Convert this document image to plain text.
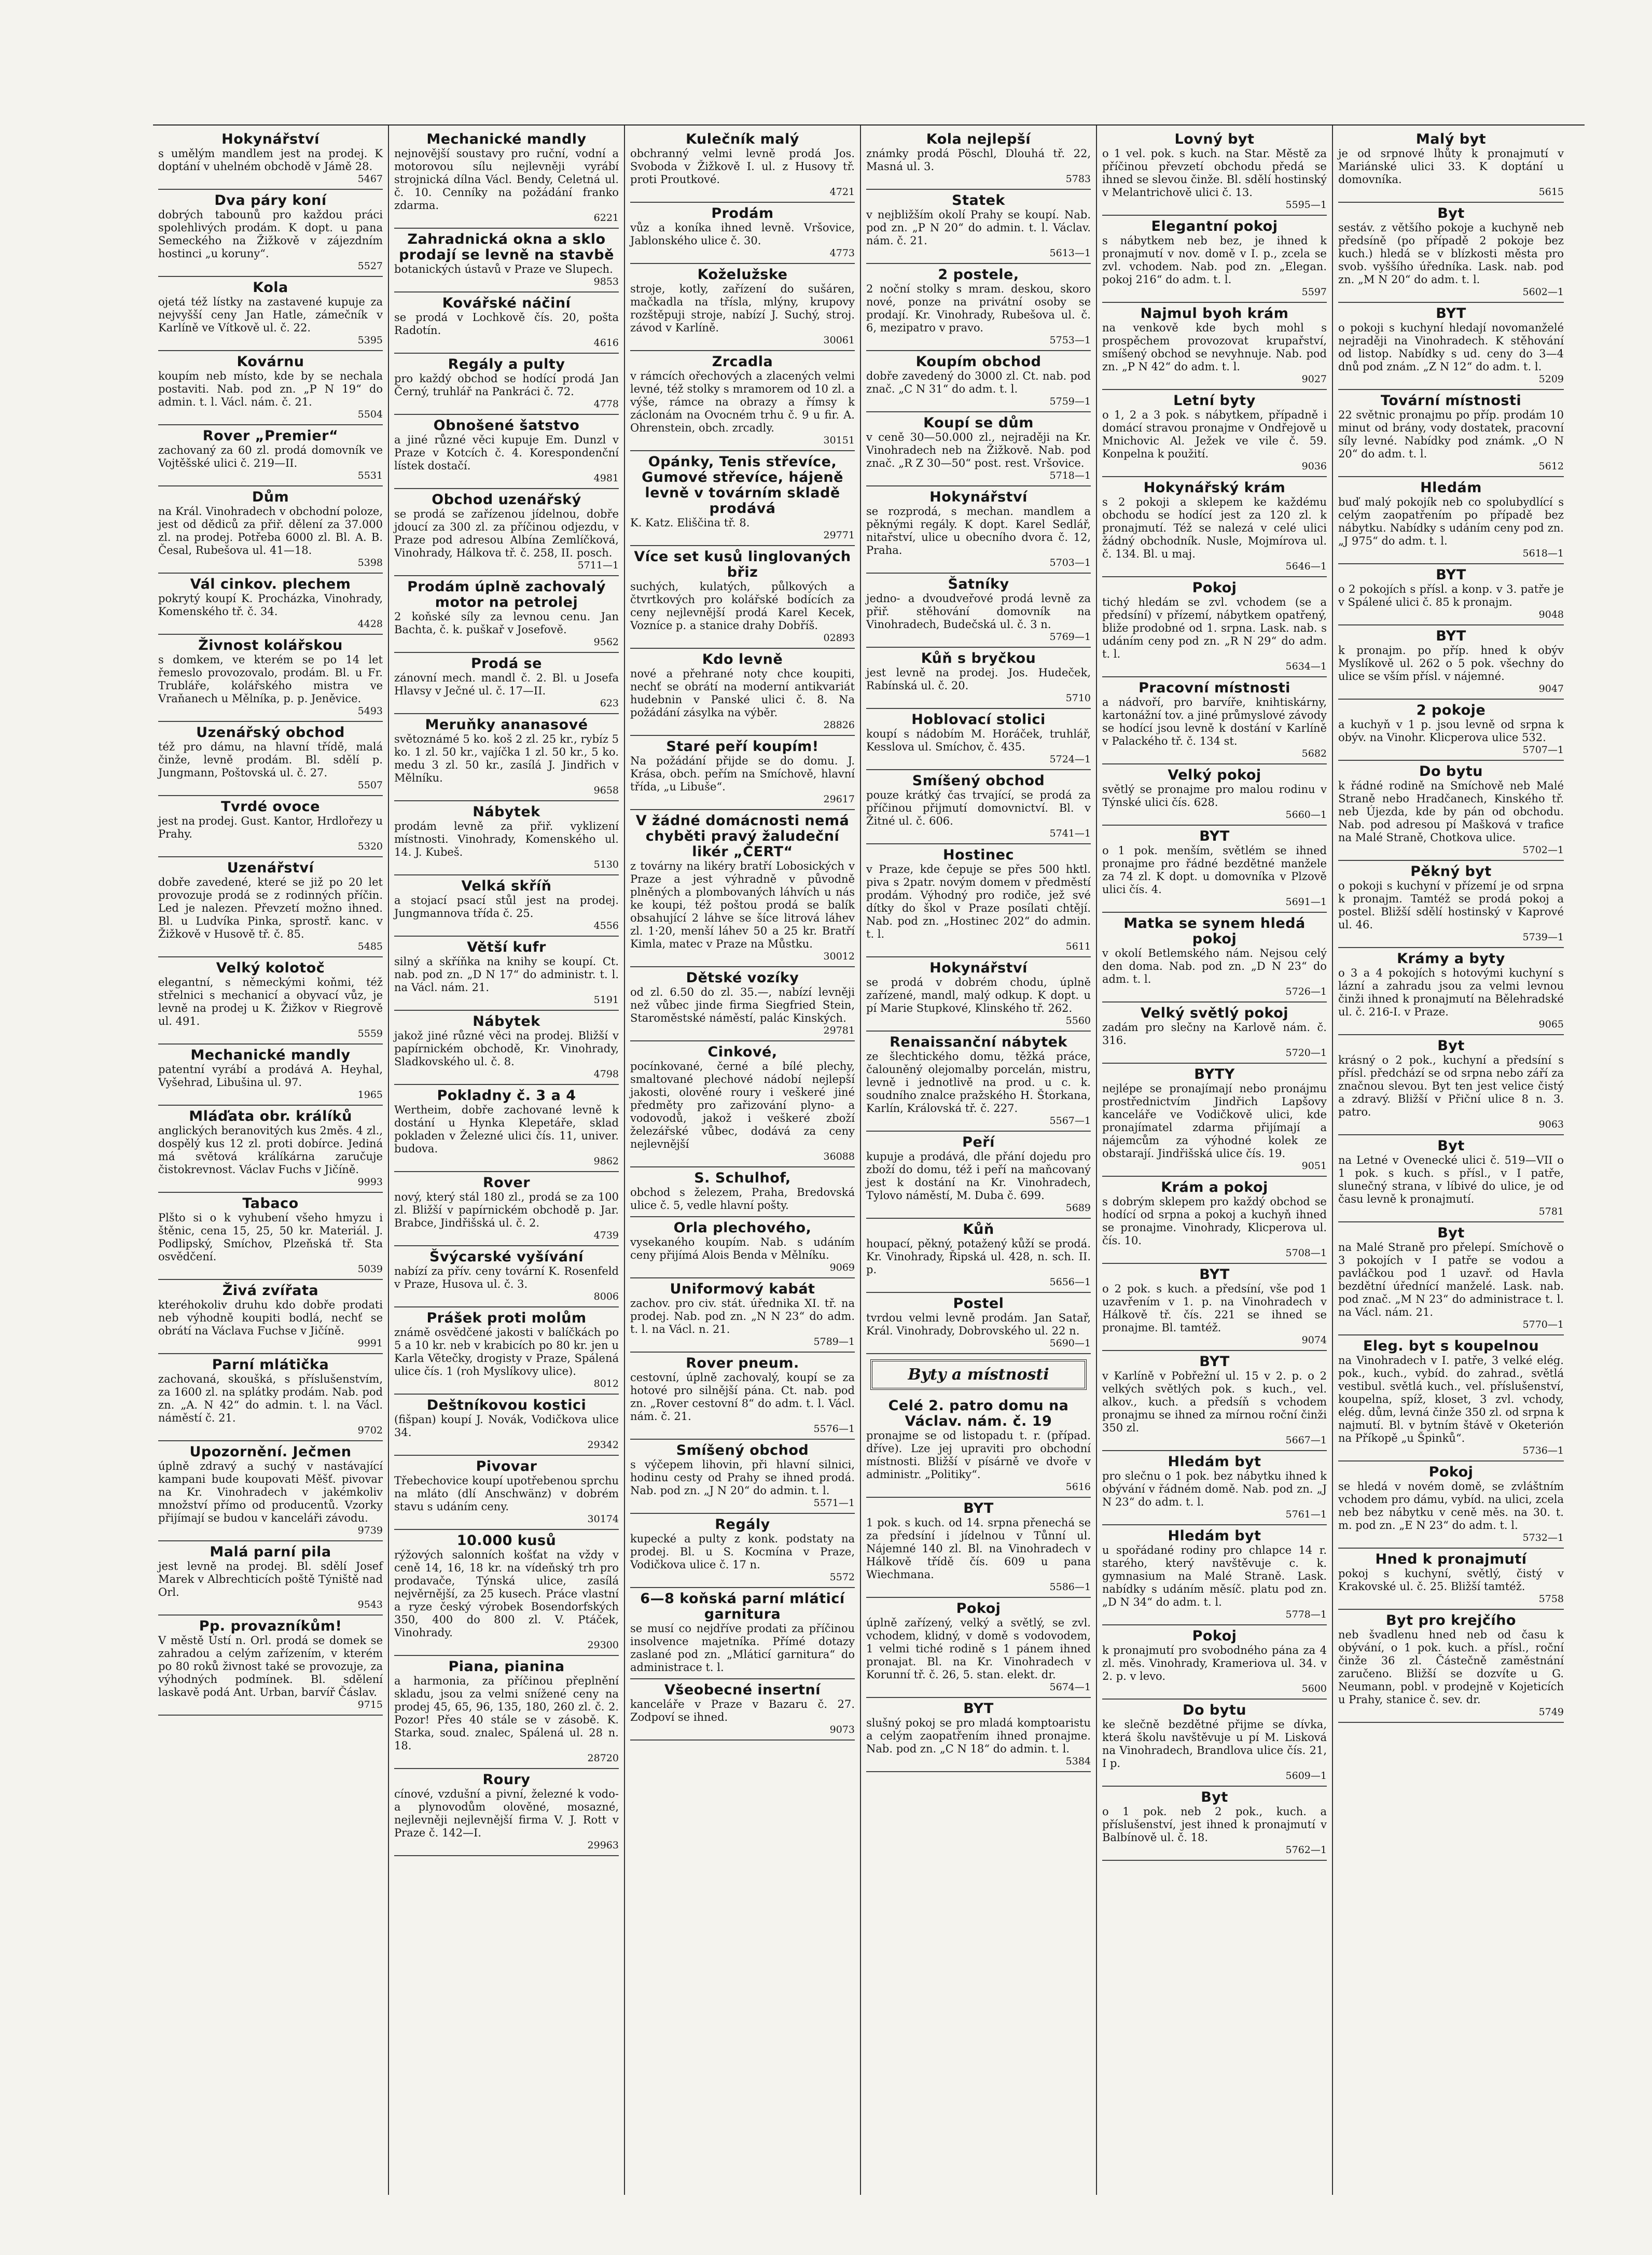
Hokynářství
s umělým mandlem jest na prodej. K doptání v uhelném obchodě v Jámě 28.
5467
Dva páry koní
dobrých tabounů pro každou práci spolehlivých prodám. K dopt. u pana Semeckého na Žižkově v zájezdním hostinci „u koruny“.
5527
Kola
ojetá též lístky na zastavené kupuje za nejvyšší ceny Jan Hatle, zámečník v Karlíně ve Vítkově ul. č. 22.
5395
Kovárnu
koupím neb místo, kde by se nechala postaviti. Nab. pod zn. „P N 19“ do admin. t. l. Václ. nám. č. 21.
5504
Rover „Premier“
zachovaný za 60 zl. prodá domovník ve Vojtěšské ulici č. 219—II.
5531
Dům
na Král. Vinohradech v obchodní poloze, jest od dědiců za přiř. dělení za 37.000 zl. na prodej. Potřeba 6000 zl. Bl. A. B. Česal, Rubešova ul. 41—18.
5398
Vál cinkov. plechem
pokrytý koupí K. Procházka, Vinohrady, Komenského tř. č. 34.
4428
Živnost kolářskou
s domkem, ve kterém se po 14 let řemeslo provozovalo, prodám. Bl. u Fr. Trubláře, kolářského mistra ve Vraňanech u Mělníka, p. p. Jeněvice.
5493
Uzenářský obchod
též pro dámu, na hlavní třídě, malá činže, levně prodám. Bl. sdělí p. Jungmann, Poštovská ul. č. 27.
5507
Tvrdé ovoce
jest na prodej. Gust. Kantor, Hrdlořezy u Prahy.
5320
Uzenářství
dobře zavedené, které se již po 20 let provozuje prodá se z rodinných příčin. Led je nalezen. Převzetí možno ihned. Bl. u Ludvíka Pinka, sprostř. kanc. v Žižkově v Husově tř. č. 85.
5485
Velký kolotoč
elegantní, s německými koňmi, též střelnici s mechanicí a obyvací vůz, je levně na prodej u K. Žižkov v Riegrově ul. 491.
5559
Mechanické mandly
patentní vyrábí a prodává A. Heyhal, Vyšehrad, Libušina ul. 97.
1965
Mláďata obr. králíků
anglických beranovitých kus 2měs. 4 zl., dospělý kus 12 zl. proti dobírce. Jediná má světová králíkárna zaručuje čistokrevnost. Václav Fuchs v Jičíně.
9993
Tabaco
Plšto si o k vyhubení všeho hmyzu i štěnic, cena 15, 25, 50 kr. Materiál. J. Podlipský, Smíchov, Plzeňská tř. Sta osvědčení.
5039
Živá zvířata
kteréhokoliv druhu kdo dobře prodati neb výhodně koupiti bodlá, nechť se obrátí na Václava Fuchse v Jičíně.
9991
Parní mlátička
zachovaná, skoušká, s příslušenstvím, za 1600 zl. na splátky prodám. Nab. pod zn. „A. N 42“ do admin. t. l. na Václ. náměstí č. 21.
9702
Upozornění. Ječmen
úplně zdravý a suchý v nastávající kampani bude koupovati Měšť. pivovar na Kr. Vinohradech v jakémkoliv množství přímo od producentů. Vzorky přijímají se budou v kanceláři závodu.
9739
Malá parní pila
jest levně na prodej. Bl. sdělí Josef Marek v Albrechticích poště Týniště nad Orl.
9543
Pp. provazníkům!
V městě Ústí n. Orl. prodá se domek se zahradou a celým zařízením, v kterém po 80 roků živnost také se provozuje, za výhodných podmínek. Bl. sdělení laskavě podá Ant. Urban, barvíř Čáslav.
9715
Mechanické mandly
nejnovější soustavy pro ruční, vodní a motorovou sílu nejlevněji vyrábí strojnická dílna Václ. Bendy, Celetná ul. č. 10. Cenníky na požádání franko zdarma.
6221
Zahradnická okna a sklo prodají se levně na stavbě
botanických ústavů v Praze ve Slupech.
9853
Kovářské náčiní
se prodá v Lochkově čís. 20, pošta Radotín.
4616
Regály a pulty
pro každý obchod se hodící prodá Jan Černý, truhlář na Pankráci č. 72.
4778
Obnošené šatstvo
a jiné různé věci kupuje Em. Dunzl v Praze v Kotcích č. 4. Korespondenční lístek dostačí.
4981
Obchod uzenářský
se prodá se zařízenou jídelnou, dobře jdoucí za 300 zl. za příčinou odjezdu, v Praze pod adresou Albína Zemlíčková, Vinohrady, Hálkova tř. č. 258, II. posch.
5711—1
Prodám úplně zachovalý motor na petrolej
2 koňské síly za levnou cenu. Jan Bachta, č. k. puškař v Josefově.
9562
Prodá se
zánovní mech. mandl č. 2. Bl. u Josefa Hlavsy v Ječné ul. č. 17—II.
623
Meruňky ananasové
světoznámé 5 ko. koš 2 zl. 25 kr., rybíz 5 ko. 1 zl. 50 kr., vajíčka 1 zl. 50 kr., 5 ko. medu 3 zl. 50 kr., zasílá J. Jindřich v Mělníku.
9658
Nábytek
prodám levně za přiř. vyklizení místnosti. Vinohrady, Komenského ul. 14. J. Kubeš.
5130
Velká skříň
a stojací psací stůl jest na prodej. Jungmannova třída č. 25.
4556
Větší kufr
silný a skříňka na knihy se koupí. Ct. nab. pod zn. „D N 17“ do administr. t. l. na Václ. nám. 21.
5191
Nábytek
jakož jiné různé věci na prodej. Bližší v papírnickém obchodě, Kr. Vinohrady, Sladkovského ul. č. 8.
4798
Pokladny č. 3 a 4
Wertheim, dobře zachované levně k dostání u Hynka Klepetáře, sklad pokladen v Železné ulici čís. 11, univer. budova.
9862
Rover
nový, který stál 180 zl., prodá se za 100 zl. Bližší v papírnickém obchodě p. Jar. Brabce, Jindřišská ul. č. 2.
4739
Švýcarské vyšívání
nabízí za přív. ceny tovární K. Rosenfeld v Praze, Husova ul. č. 3.
8006
Prášek proti molům
známě osvědčené jakosti v balíčkách po 5 a 10 kr. neb v krabicích po 80 kr. jen u Karla Větečky, drogisty v Praze, Spálená ulice čís. 1 (roh Myslíkovy ulice).
8012
Deštníkovou kostici
(fišpan) koupí J. Novák, Vodičkova ulice 34.
29342
Pivovar
Třebechovice koupí upotřebenou sprchu na mláto (dlí Anschwänz) v dobrém stavu s udáním ceny.
30174
10.000 kusů
rýžových salonních košťat na vždy v ceně 14, 16, 18 kr. na vídeňský trh pro prodavače, Týnská ulice, zasílá nejvěrnější, za 25 kusech. Práce vlastní a ryze český výrobek Bosendorfských 350, 400 do 800 zl. V. Ptáček, Vinohrady.
29300
Piana, pianina
a harmonia, za příčinou přeplnění skladu, jsou za velmi snížené ceny na prodej 45, 65, 96, 135, 180, 260 zl. č. 2. Pozor! Přes 40 stále se v zásobě. K. Starka, soud. znalec, Spálená ul. 28 n. 18.
28720
Roury
cínové, vzdušní a pivní, železné k vodo- a plynovodům olověné, mosazné, nejlevněji nejlevnější firma V. J. Rott v Praze č. 142—I.
29963
Kulečník malý
obchranný velmi levně prodá Jos. Svoboda v Žižkově I. ul. z Husovy tř. proti Proutkové.
4721
Prodám
vůz a koníka ihned levně. Vršovice, Jablonského ulice č. 30.
4773
Koželužske
stroje, kotly, zařízení do sušáren, mačkadla na třísla, mlýny, krupovy rozštěpuji stroje, nabízí J. Suchý, stroj. závod v Karlíně.
30061
Zrcadla
v rámcích ořechových a zlacených velmi levné, též stolky s mramorem od 10 zl. a výše, rámce na obrazy a římsy k záclonám na Ovocném trhu č. 9 u fir. A. Ohrenstein, obch. zrcadly.
30151
Opánky, Tenis střevíce, Gumové střevíce, hájeně levně v továrním skladě prodává
K. Katz. Eliščina tř. 8.
29771
Více set kusů linglovaných břiz
suchých, kulatých, půlkových a čtvrtkových pro kolářské bodících za ceny nejlevnější prodá Karel Kecek, Vozníce p. a stanice drahy Dobříš.
02893
Kdo levně
nové a přehrané noty chce koupiti, nechť se obrátí na moderní antikvariát hudebnin v Panské ulici č. 8. Na požádání zásylka na výběr.
28826
Staré peří koupím!
Na požádání přijde se do domu. J. Krása, obch. peřím na Smíchově, hlavní třída, „u Libuše“.
29617
V žádné domácnosti nemá chyběti pravý žaludeční likér „ČERT“
z továrny na likéry bratří Lobosických v Praze a jest výhradně v původně plněných a plombovaných láhvích u nás ke koupi, též poštou prodá se balík obsahující 2 láhve se šíce litrová láhev zl. 1·20, menší láhev 50 a 25 kr. Bratří Kimla, matec v Praze na Můstku.
30012
Dětské vozíky
od zl. 6.50 do zl. 35.—, nabízí levněji než vůbec jinde firma Siegfried Stein, Staroměstské náměstí, palác Kinských.
29781
Cinkové,
pocínkované, černé a bílé plechy, smaltované plechové nádobí nejlepší jakosti, olověné roury i veškeré jiné předměty pro zařizování plyno- a vodovodů, jakož i veškeré zboží železářské vůbec, dodává za ceny nejlevnější
36088
S. Schulhof,
obchod s železem, Praha, Bredovská ulice č. 5, vedle hlavní pošty.
Orla plechového,
vysekaného koupím. Nab. s udáním ceny přijímá Alois Benda v Mělníku.
9069
Uniformový kabát
zachov. pro civ. stát. úřednika XI. tř. na prodej. Nab. pod zn. „N N 23“ do adm. t. l. na Václ. n. 21.
5789—1
Rover pneum.
cestovní, úplně zachovalý, koupí se za hotové pro silnější pána. Ct. nab. pod zn. „Rover cestovní 8“ do adm. t. l. Václ. nám. č. 21.
5576—1
Smíšený obchod
s výčepem lihovin, při hlavní silnici, hodinu cesty od Prahy se ihned prodá. Nab. pod zn. „J N 20“ do admin. t. l.
5571—1
Regály
kupecké a pulty z konk. podstaty na prodej. Bl. u S. Kocmína v Praze, Vodičkova ulice č. 17 n.
5572
6—8 koňská parní mláticí garnitura
se musí co nejdříve prodati za příčinou insolvence majetníka. Přímé dotazy zaslané pod zn. „Mláticí garnitura“ do administrace t. l.
Všeobecné insertní
kanceláře v Praze v Bazaru č. 27. Zodpoví se ihned.
9073
Kola nejlepší
známky prodá Pöschl, Dlouhá tř. 22, Masná ul. 3.
5783
Statek
v nejbližším okolí Prahy se koupí. Nab. pod zn. „P N 20“ do admin. t. l. Václav. nám. č. 21.
5613—1
2 postele,
2 noční stolky s mram. deskou, skoro nové, ponze na privátní osoby se prodají. Kr. Vinohrady, Rubešova ul. č. 6, mezipatro v pravo.
5753—1
Koupím obchod
dobře zavedený do 3000 zl. Ct. nab. pod znač. „C N 31“ do adm. t. l.
5759—1
Koupí se dům
v ceně 30—50.000 zl., nejraději na Kr. Vinohradech neb na Žižkově. Nab. pod znač. „R Z 30—50“ post. rest. Vršovice.
5718—1
Hokynářství
se rozprodá, s mechan. mandlem a pěknými regály. K dopt. Karel Sedlář, nitařství, ulice u obecního dvora č. 12, Praha.
5703—1
Šatníky
jedno- a dvoudveřové prodá levně za přiř. stěhování domovník na Vinohradech, Budečská ul. č. 3 n.
5769—1
Kůň s bryčkou
jest levně na prodej. Jos. Hudeček, Rabínská ul. č. 20.
5710
Hoblovací stolici
koupí s nádobím M. Horáček, truhlář, Kesslova ul. Smíchov, č. 435.
5724—1
Smíšený obchod
pouze krátký čas trvající, se prodá za příčinou přijmutí domovnictví. Bl. v Žitné ul. č. 606.
5741—1
Hostinec
v Praze, kde čepuje se přes 500 hktl. piva s 2patr. novým domem v předměstí prodám. Výhodný pro rodiče, jež své dítky do škol v Praze posílati chtějí. Nab. pod zn. „Hostinec 202“ do admin. t. l.
5611
Hokynářství
se prodá v dobrém chodu, úplně zařízené, mandl, malý odkup. K dopt. u pí Marie Stupkové, Klinského tř. 262.
5560
Renaissanční nábytek
ze šlechtického domu, těžká práce, čalouněný olejomalby porcelán, mistru, levně i jednotlivě na prod. u c. k. soudního znalce pražského H. Štorkana, Karlín, Královská tř. č. 227.
5567—1
Peří
kupuje a prodává, dle přání dojedu pro zboží do domu, též i peří na maňcovaný jest k dostání na Kr. Vinohradech, Tylovo náměstí, M. Duba č. 699.
5689
Kůň
houpací, pěkný, potažený kůží se prodá. Kr. Vinohrady, Řipská ul. 428, n. sch. II. p.
5656—1
Postel
tvrdou velmi levně prodám. Jan Satař, Král. Vinohrady, Dobrovského ul. 22 n.
5690—1
Byty a místnosti
Celé 2. patro domu na Václav. nám. č. 19
pronajme se od listopadu t. r. (případ. dříve). Lze jej upraviti pro obchodní místnosti. Bližší v písárně ve dvoře v administr. „Politiky“.
5616
BYT
1 pok. s kuch. od 14. srpna přenechá se za předsíní i jídelnou v Tůnní ul. Nájemné 140 zl. Bl. na Vinohradech v Hálkově třídě čís. 609 u pana Wiechmana.
5586—1
Pokoj
úplně zařízený, velký a světlý, se zvl. vchodem, klidný, v domě s vodovodem, 1 velmi tiché rodině s 1 pánem ihned pronajat. Bl. na Kr. Vinohradech v Korunní tř. č. 26, 5. stan. elekt. dr.
5674—1
BYT
slušný pokoj se pro mladá komptoaristu a celým zaopatřením ihned pronajme. Nab. pod zn. „C N 18“ do admin. t. l.
5384
Lovný byt
o 1 vel. pok. s kuch. na Star. Městě za příčinou převzetí obchodu předá se ihned se slevou činže. Bl. sdělí hostinský v Melantrichově ulici č. 13.
5595—1
Elegantní pokoj
s nábytkem neb bez, je ihned k pronajmutí v nov. domě v I. p., zcela se zvl. vchodem. Nab. pod zn. „Elegan. pokoj 216“ do adm. t. l.
5597
Najmul byoh krám
na venkově kde bych mohl s prospěchem provozovat krupařství, smíšený obchod se nevyhnuje. Nab. pod zn. „P N 42“ do adm. t. l.
9027
Letní byty
o 1, 2 a 3 pok. s nábytkem, případně i domácí stravou pronajme v Ondřejově u Mnichovic Al. Ježek ve vile č. 59. Konpelna k použití.
9036
Hokynářský krám
s 2 pokoji a sklepem ke každému obchodu se hodící jest za 120 zl. k pronajmutí. Též se nalezá v celé ulici žádný obchodník. Nusle, Mojmírova ul. č. 134. Bl. u maj.
5646—1
Pokoj
tichý hledám se zvl. vchodem (se a předsíní) v přízemí, nábytkem opatřený, bliže prodobné od 1. srpna. Lask. nab. s udáním ceny pod zn. „R N 29“ do adm. t. l.
5634—1
Pracovní místnosti
a nádvoří, pro barvíře, knihtiskárny, kartonážní tov. a jiné průmyslové závody se hodící jsou levně k dostání v Karlíně v Palackého tř. č. 134 st.
5682
Velký pokoj
světlý se pronajme pro malou rodinu v Týnské ulici čís. 628.
5660—1
BYT
o 1 pok. menším, světlém se ihned pronajme pro řádné bezdětné manžele za 74 zl. K dopt. u domovníka v Plzově ulici čís. 4.
5691—1
Matka se synem hledá pokoj
v okolí Betlemského nám. Nejsou celý den doma. Nab. pod zn. „D N 23“ do adm. t. l.
5726—1
Velký světlý pokoj
zadám pro slečny na Karlově nám. č. 316.
5720—1
BYTY
nejlépe se pronajímají nebo pronájmu prostřednictvím Jindřich Lapšovy kanceláře ve Vodičkově ulici, kde pronajímatel zdarma přijímají a nájemcům za výhodné kolek ze obstarají. Jindřišská ulice čís. 19.
9051
Krám a pokoj
s dobrým sklepem pro každý obchod se hodící od srpna a pokoj a kuchyň ihned se pronajme. Vinohrady, Klicperova ul. čís. 10.
5708—1
BYT
o 2 pok. s kuch. a předsíní, vše pod 1 uzavřením v 1. p. na Vinohradech v Hálkově tř. čís. 221 se ihned se pronajme. Bl. tamtéž.
9074
BYT
v Karlíně v Pobřežní ul. 15 v 2. p. o 2 velkých světlých pok. s kuch., vel. alkov., kuch. a předsíň s vchodem pronajmu se ihned za mírnou roční činži 350 zl.
5667—1
Hledám byt
pro slečnu o 1 pok. bez nábytku ihned k obývání v řádném domě. Nab. pod zn. „J N 23“ do adm. t. l.
5761—1
Hledám byt
u spořádané rodiny pro chlapce 14 r. starého, který navštěvuje c. k. gymnasium na Malé Straně. Lask. nabídky s udáním měsíč. platu pod zn. „D N 34“ do adm. t. l.
5778—1
Pokoj
k pronajmutí pro svobodného pána za 4 zl. měs. Vinohrady, Krameriova ul. 34. v 2. p. v levo.
5600
Do bytu
ke slečně bezdětné přijme se dívka, která školu navštěvuje u pí M. Lisková na Vinohradech, Brandlova ulice čís. 21, I p.
5609—1
Byt
o 1 pok. neb 2 pok., kuch. a příslušenství, jest ihned k pronajmutí v Balbínově ul. č. 18.
5762—1
Malý byt
je od srpnové lhůty k pronajmutí v Mariánské ulici 33. K doptání u domovníka.
5615
Byt
sestáv. z většího pokoje a kuchyně neb předsíně (po případě 2 pokoje bez kuch.) hledá se v blízkosti města pro svob. vyššího úředníka. Lask. nab. pod zn. „M N 20“ do adm. t. l.
5602—1
BYT
o pokoji s kuchyní hledají novomanželé nejraději na Vinohradech. K stěhování od listop. Nabídky s ud. ceny do 3—4 dnů pod znám. „Z N 12“ do adm. t. l.
5209
Tovární místnosti
22 světnic pronajmu po příp. prodám 10 minut od brány, vody dostatek, pracovní síly levné. Nabídky pod známk. „O N 20“ do adm. t. l.
5612
Hledám
buď malý pokojík neb co spolubydlící s celým zaopatřením po případě bez nábytku. Nabídky s udáním ceny pod zn. „J 975“ do adm. t. l.
5618—1
BYT
o 2 pokojích s přísl. a konp. v 3. patře je v Spálené ulici č. 85 k pronajm.
9048
BYT
k pronajm. po příp. hned k obýv Myslíkově ul. 262 o 5 pok. všechny do ulice se vším přísl. v nájemné.
9047
2 pokoje
a kuchyň v 1 p. jsou levně od srpna k obýv. na Vinohr. Klicperova ulice 532.
5707—1
Do bytu
k řádné rodině na Smíchově neb Malé Straně nebo Hradčanech, Kinského tř. neb Újezda, kde by pán od obchodu. Nab. pod adresou pí Mašková v trafice na Malé Straně, Chotkova ulice.
5702—1
Pěkný byt
o pokoji s kuchyní v přízemí je od srpna k pronajm. Tamtéž se prodá pokoj a postel. Bližší sdělí hostinský v Kaprové ul. 46.
5739—1
Krámy a byty
o 3 a 4 pokojích s hotovými kuchyní s lázní a zahradu jsou za velmi levnou činži ihned k pronajmutí na Bělehradské ul. č. 216-I. v Praze.
9065
Byt
krásný o 2 pok., kuchyní a předsíní s přísl. předchází se od srpna nebo září za značnou slevou. Byt ten jest velice čistý a zdravý. Bližší v Přiční ulice 8 n. 3. patro.
9063
Byt
na Letné v Ovenecké ulici č. 519—VII o 1 pok. s kuch. s přísl., v I patře, slunečný strana, v líbivé do ulice, je od času levně k pronajmutí.
5781
Byt
na Malé Straně pro přelepí. Smíchově o 3 pokojích v I patře se vodou a pavláčkou pod 1 uzavř. od Havla bezdětní úřednící manželé. Lask. nab. pod znač. „M N 23“ do administrace t. l. na Václ. nám. 21.
5770—1
Eleg. byt s koupelnou
na Vinohradech v I. patře, 3 velké elég. pok., kuch., vybíd. do zahrad., světlá vestibul. světlá kuch., vel. příslušenství, koupelna, spíž, kloset, 3 zvl. vchody, elég. dům, levná činže 350 zl. od srpna k najmutí. Bl. v bytním štávě v Oketerión na Příkopě „u Špinků“.
5736—1
Pokoj
se hledá v novém domě, se zvláštním vchodem pro dámu, vybíd. na ulici, zcela neb bez nábytku v ceně měs. na 30. t. m. pod zn. „E N 23“ do adm. t. l.
5732—1
Hned k pronajmutí
pokoj s kuchyní, světlý, čistý v Krakovské ul. č. 25. Bližší tamtéž.
5758
Byt pro krejčího
neb švadlenu hned neb od času k obývání, o 1 pok. kuch. a přísl., roční činže 36 zl. Částečně zaměstnání zaručeno. Bližší se dozvíte u G. Neumann, pobl. v prodejně v Kojeticích u Prahy, stanice č. sev. dr.
5749
